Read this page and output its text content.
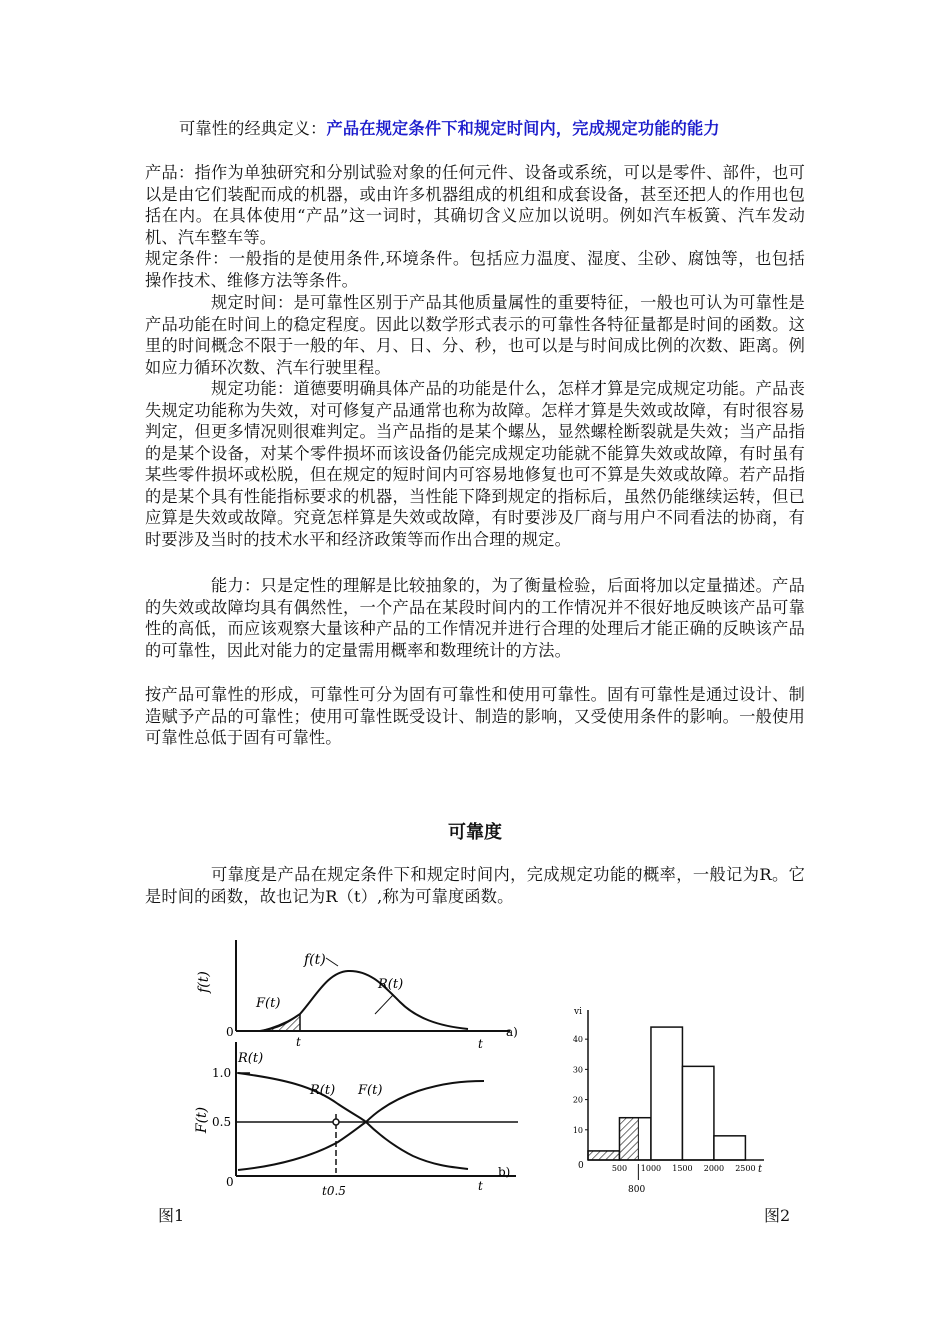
可靠性的经典定义：产品在规定条件下和规定时间内，完成规定功能的能力
产品：指作为单独研究和分别试验对象的任何元件、设备或系统，可以是零件、部件，也可以是由它们装配而成的机器，或由许多机器组成的机组和成套设备，甚至还把人的作用也包括在内。在具体使用“产品”这一词时，其确切含义应加以说明。例如汽车板簧、汽车发动机、汽车整车等。
规定条件：一般指的是使用条件,环境条件。包括应力温度、湿度、尘砂、腐蚀等，也包括操作技术、维修方法等条件。
规定时间：是可靠性区别于产品其他质量属性的重要特征，一般也可认为可靠性是产品功能在时间上的稳定程度。因此以数学形式表示的可靠性各特征量都是时间的函数。这里的时间概念不限于一般的年、月、日、分、秒，也可以是与时间成比例的次数、距离。例如应力循环次数、汽车行驶里程。
规定功能：道德要明确具体产品的功能是什么，怎样才算是完成规定功能。产品丧失规定功能称为失效，对可修复产品通常也称为故障。怎样才算是失效或故障，有时很容易判定，但更多情况则很难判定。当产品指的是某个螺丛，显然螺栓断裂就是失效；当产品指的是某个设备，对某个零件损坏而该设备仍能完成规定功能就不能算失效或故障，有时虽有某些零件损坏或松脱，但在规定的短时间内可容易地修复也可不算是失效或故障。若产品指的是某个具有性能指标要求的机器，当性能下降到规定的指标后，虽然仍能继续运转，但已应算是失效或故障。究竟怎样算是失效或故障，有时要涉及厂商与用户不同看法的协商，有时要涉及当时的技术水平和经济政策等而作出合理的规定。
能力：只是定性的理解是比较抽象的，为了衡量检验，后面将加以定量描述。产品的失效或故障均具有偶然性，一个产品在某段时间内的工作情况并不很好地反映该产品可靠性的高低，而应该观察大量该种产品的工作情况并进行合理的处理后才能正确的反映该产品的可靠性，因此对能力的定量需用概率和数理统计的方法。
按产品可靠性的形成，可靠性可分为固有可靠性和使用可靠性。固有可靠性是通过设计、制造赋予产品的可靠性；使用可靠性既受设计、制造的影响，又受使用条件的影响。一般使用可靠性总低于固有可靠性。
可靠度
可靠度是产品在规定条件下和规定时间内，完成规定功能的概率，一般记为R。它是时间的函数，故也记为R（t）,称为可靠度函数。
f(t)
f(t)
F(t)
R(t)
0
t	t
a)
R(t)
F(t)
1.0
0.5
0
R(t) F(t)
t0.5	t
b)
10
20
30
40
500 1000 1500 2000 2500
vi
t
0
800
图1	图2
